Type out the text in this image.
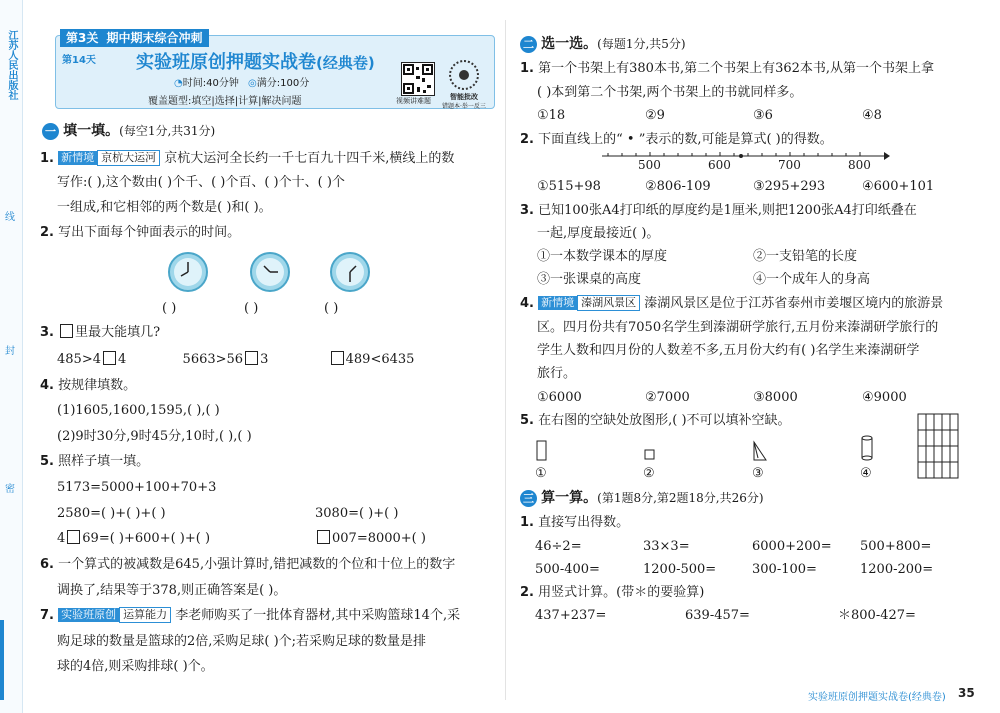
江苏人民出版社
线
封
密
第3关 期中期末综合冲刺
第14天 实验班原创押题实战卷(经典卷)
◔时间:40分钟 ◎满分:100分
覆盖题型:填空|选择|计算|解决问题	视频讲难题	智能批改
错题本·举一反三
一 填一填。(每空1分,共31分)
1. 新情境 京杭大运河 京杭大运河全长约一千七百九十四千米,横线上的数
写作:( ),这个数由( )个千、( )个百、( )个十、( )个
一组成,和它相邻的两个数是( )和( )。
2. 写出下面每个钟面表示的时间。
( )	( )	( )
3. 里最大能填几?
485>4 4	5663>56 3	489<6435
4. 按规律填数。
(1)1605,1600,1595,( ),( )
(2)9时30分,9时45分,10时,( ),( )
5. 照样子填一填。
5173=5000+100+70+3
2580=( )+( )+( )	3080=( )+( )
4 69=( )+600+( )+( )	007=8000+( )
6. 一个算式的被减数是645,小强计算时,错把减数的个位和十位上的数字
调换了,结果等于378,则正确答案是( )。
7. 实验班原创 运算能力 李老师购买了一批体育器材,其中采购篮球14个,采
购足球的数量是篮球的2倍,采购足球( )个;若采购足球的数量是排
球的4倍,则采购排球( )个。
二 选一选。(每题1分,共5分)
1. 第一个书架上有380本书,第二个书架上有362本书,从第一个书架上拿
( )本到第二个书架,两个书架上的书就同样多。
①18	②9	③6	④8
2. 下面直线上的“ • ”表示的数,可能是算式( )的得数。
500	600	700	800
①515+98	②806-109	③295+293	④600+101
3. 已知100张A4打印纸的厚度约是1厘米,则把1200张A4打印纸叠在
一起,厚度最接近( )。
①一本数学课本的厚度	②一支铅笔的长度
③一张课桌的高度	④一个成年人的身高
4. 新情境 溱湖风景区 溱湖风景区是位于江苏省泰州市姜堰区境内的旅游景
区。四月份共有7050名学生到溱湖研学旅行,五月份来溱湖研学旅行的
学生人数和四月份的人数差不多,五月份大约有( )名学生来溱湖研学
旅行。
①6000	②7000	③8000	④9000
5. 在右图的空缺处放图形,( )不可以填补空缺。
①	②	③	④
三 算一算。(第1题8分,第2题18分,共26分)
1. 直接写出得数。
46÷2=	33×3=	6000+200= 500+800=
500-400=	1200-500=	300-100=	1200-200=
2. 用竖式计算。(带＊的要验算)
437+237=	639-457=	＊800-427=
实验班原创押题实战卷(经典卷) 35
